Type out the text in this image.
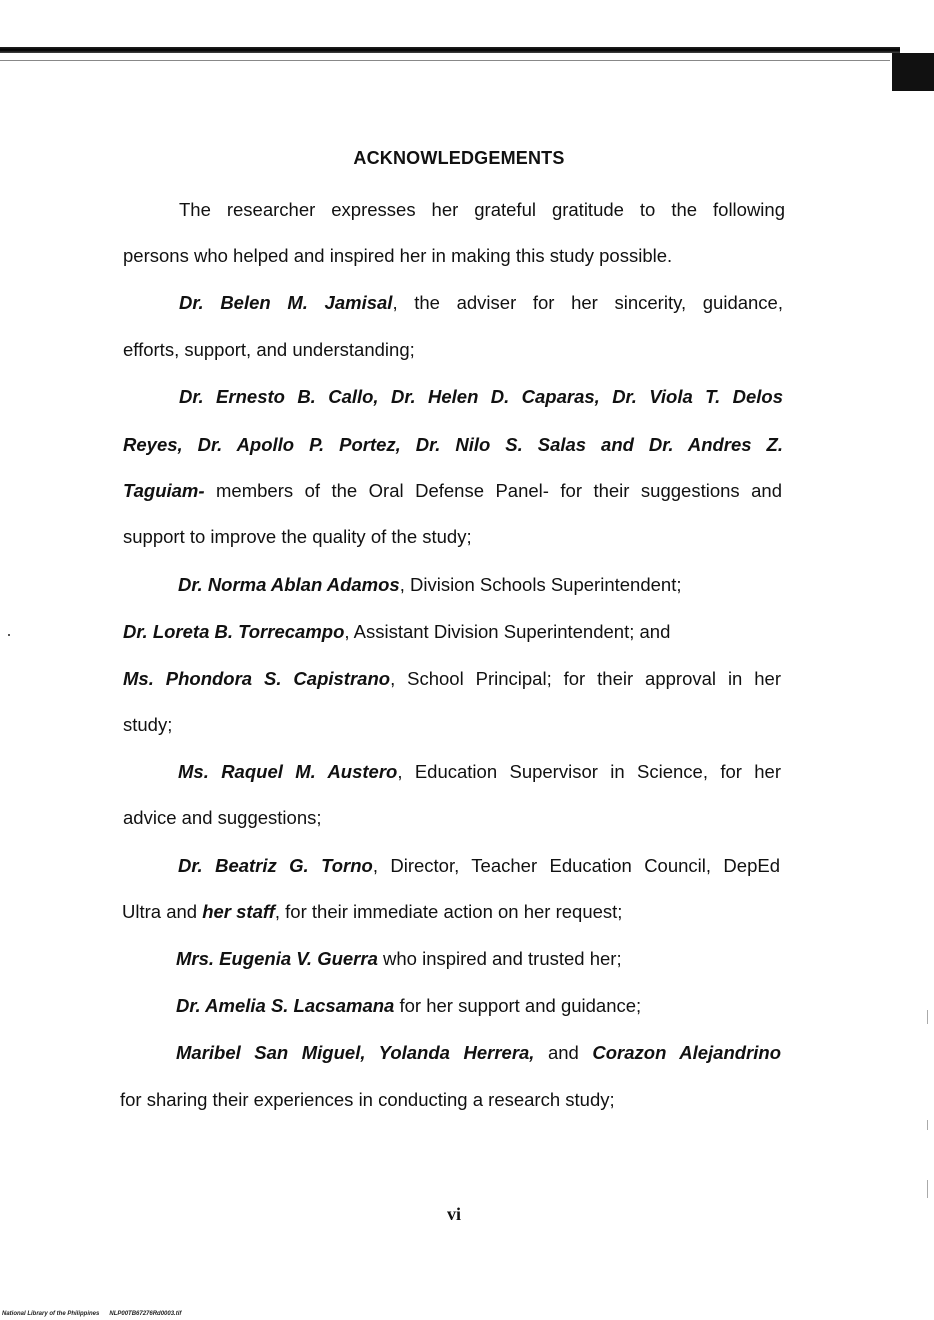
ACKNOWLEDGEMENTS
The researcher expresses her grateful gratitude to the following
persons who helped and inspired her in making this study possible.
Dr. Belen M. Jamisal, the adviser for her sincerity, guidance,
efforts, support, and understanding;
Dr. Ernesto B. Callo, Dr. Helen D. Caparas, Dr. Viola T. Delos
Reyes, Dr. Apollo P. Portez, Dr. Nilo S. Salas and Dr. Andres Z.
Taguiam- members of the Oral Defense Panel- for their suggestions and
support to improve the quality of the study;
Dr. Norma Ablan Adamos, Division Schools Superintendent;
Dr. Loreta B. Torrecampo, Assistant Division Superintendent; and
Ms. Phondora S. Capistrano, School Principal; for their approval in her
study;
Ms. Raquel M. Austero, Education Supervisor in Science, for her
advice and suggestions;
Dr. Beatriz G. Torno, Director, Teacher Education Council, DepEd
Ultra and her staff, for their immediate action on her request;
Mrs. Eugenia V. Guerra who inspired and trusted her;
Dr. Amelia S. Lacsamana for her support and guidance;
Maribel San Miguel, Yolanda Herrera, and Corazon Alejandrino
for sharing their experiences in conducting a research study;
vi
National Library of the Philippines NLP00TB67276Rd0003.tif
